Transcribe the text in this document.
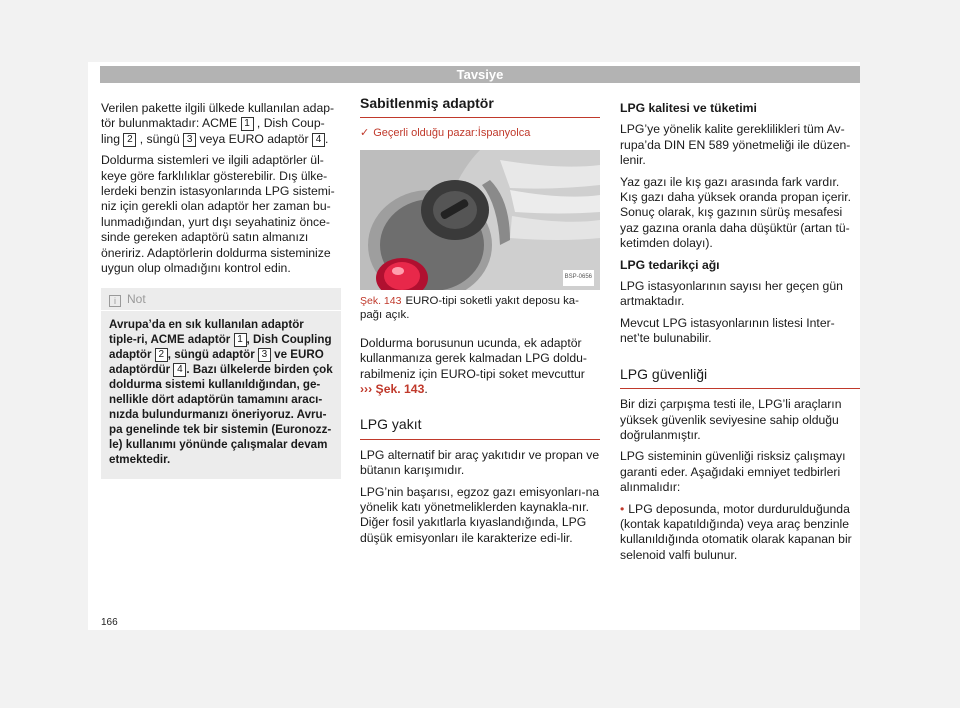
Tavsiye

Verilen pakette ilgili ülkede kullanılan adap-tör bulunmaktadır: ACME 1 , Dish Coup-ling 2 , süngü 3 veya EURO adaptör 4 .

Doldurma sistemleri ve ilgili adaptörler ül-keye göre farklılıklar gösterebilir. Dış ülke-lerdeki benzin istasyonlarında LPG sistemi-niz için gerekli olan adaptör her zaman bu-lunmadığından, yurt dışı seyahatiniz önce-sinde gereken adaptörü satın almanızı öneririz. Adaptörlerin doldurma sisteminize uygun olup olmadığını kontrol edin.

i Not
Avrupa’da en sık kullanılan adaptör tiple-ri, ACME adaptör 1 , Dish Coupling adaptör 2 , süngü adaptör 3 ve EURO adaptördür 4 . Bazı ülkelerde birden çok doldurma sistemi kullanıldığından, ge-nellikle dört adaptörün tamamını aracı-nızda bulundurmanızı öneriyoruz. Avru-pa genelinde tek bir sistemin (Euronozz-le) kullanımı yönünde çalışmalar devam etmektedir.
Sabitlenmiş adaptör
✓ Geçerli olduğu pazar:İspanyolca
BSP-0656

Şek. 143 EURO-tipi soketli yakıt deposu ka-pağı açık.

Doldurma borusunun ucunda, ek adaptör kullanmanıza gerek kalmadan LPG doldu-rabilmeniz için EURO-tipi soket mevcuttur ››› Şek. 143.

LPG yakıt

LPG alternatif bir araç yakıtıdır ve propan ve bütanın karışımıdır.

LPG’nin başarısı, egzoz gazı emisyonları-na yönelik katı yönetmeliklerden kaynakla-nır. Diğer fosil yakıtlarla kıyaslandığında, LPG düşük emisyonları ile karakterize edi-lir.

LPG kalitesi ve tüketimi

LPG’ye yönelik kalite gereklilikleri tüm Av-rupa’da DIN EN 589 yönetmeliği ile düzen-lenir.

Yaz gazı ile kış gazı arasında fark vardır. Kış gazı daha yüksek oranda propan içerir. Sonuç olarak, kış gazının sürüş mesafesi yaz gazına oranla daha düşüktür (artan tü-ketimden dolayı).

LPG tedarikçi ağı

LPG istasyonlarının sayısı her geçen gün artmaktadır.

Mevcut LPG istasyonlarının listesi Inter-net’te bulunabilir.

LPG güvenliği

Bir dizi çarpışma testi ile, LPG’li araçların yüksek güvenlik seviyesine sahip olduğu doğrulanmıştır.

LPG sisteminin güvenliği risksiz çalışmayı garanti eder. Aşağıdaki emniyet tedbirleri alınmalıdır:

• LPG deposunda, motor durdurulduğunda (kontak kapatıldığında) veya araç benzinle kullanıldığında otomatik olarak kapanan bir selenoid valfi bulunur.

166
